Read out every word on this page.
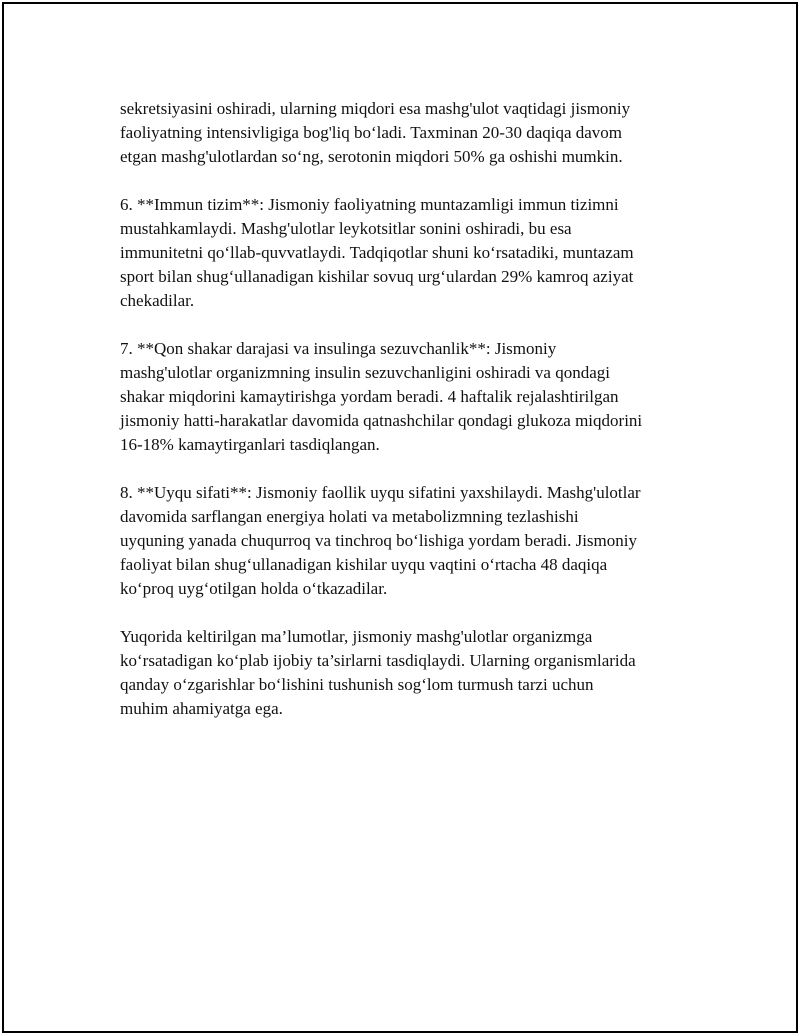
sekretsiyasini oshiradi, ularning miqdori esa mashg'ulot vaqtidagi jismoniy
faoliyatning intensivligiga bog'liq bo‘ladi. Taxminan 20-30 daqiqa davom
etgan mashg'ulotlardan so‘ng, serotonin miqdori 50% ga oshishi mumkin.

6. **Immun tizim**: Jismoniy faoliyatning muntazamligi immun tizimni
mustahkamlaydi. Mashg'ulotlar leykotsitlar sonini oshiradi, bu esa
immunitetni qo‘llab-quvvatlaydi. Tadqiqotlar shuni ko‘rsatadiki, muntazam
sport bilan shug‘ullanadigan kishilar sovuq urg‘ulardan 29% kamroq aziyat
chekadilar.

7. **Qon shakar darajasi va insulinga sezuvchanlik**: Jismoniy
mashg'ulotlar organizmning insulin sezuvchanligini oshiradi va qondagi
shakar miqdorini kamaytirishga yordam beradi. 4 haftalik rejalashtirilgan
jismoniy hatti-harakatlar davomida qatnashchilar qondagi glukoza miqdorini
16-18% kamaytirganlari tasdiqlangan.

8. **Uyqu sifati**: Jismoniy faollik uyqu sifatini yaxshilaydi. Mashg'ulotlar
davomida sarflangan energiya holati va metabolizmning tezlashishi
uyquning yanada chuqurroq va tinchroq bo‘lishiga yordam beradi. Jismoniy
faoliyat bilan shug‘ullanadigan kishilar uyqu vaqtini o‘rtacha 48 daqiqa
ko‘proq uyg‘otilgan holda o‘tkazadilar.

Yuqorida keltirilgan ma’lumotlar, jismoniy mashg'ulotlar organizmga
ko‘rsatadigan ko‘plab ijobiy ta’sirlarni tasdiqlaydi. Ularning organismlarida
qanday o‘zgarishlar bo‘lishini tushunish sog‘lom turmush tarzi uchun
muhim ahamiyatga ega.
